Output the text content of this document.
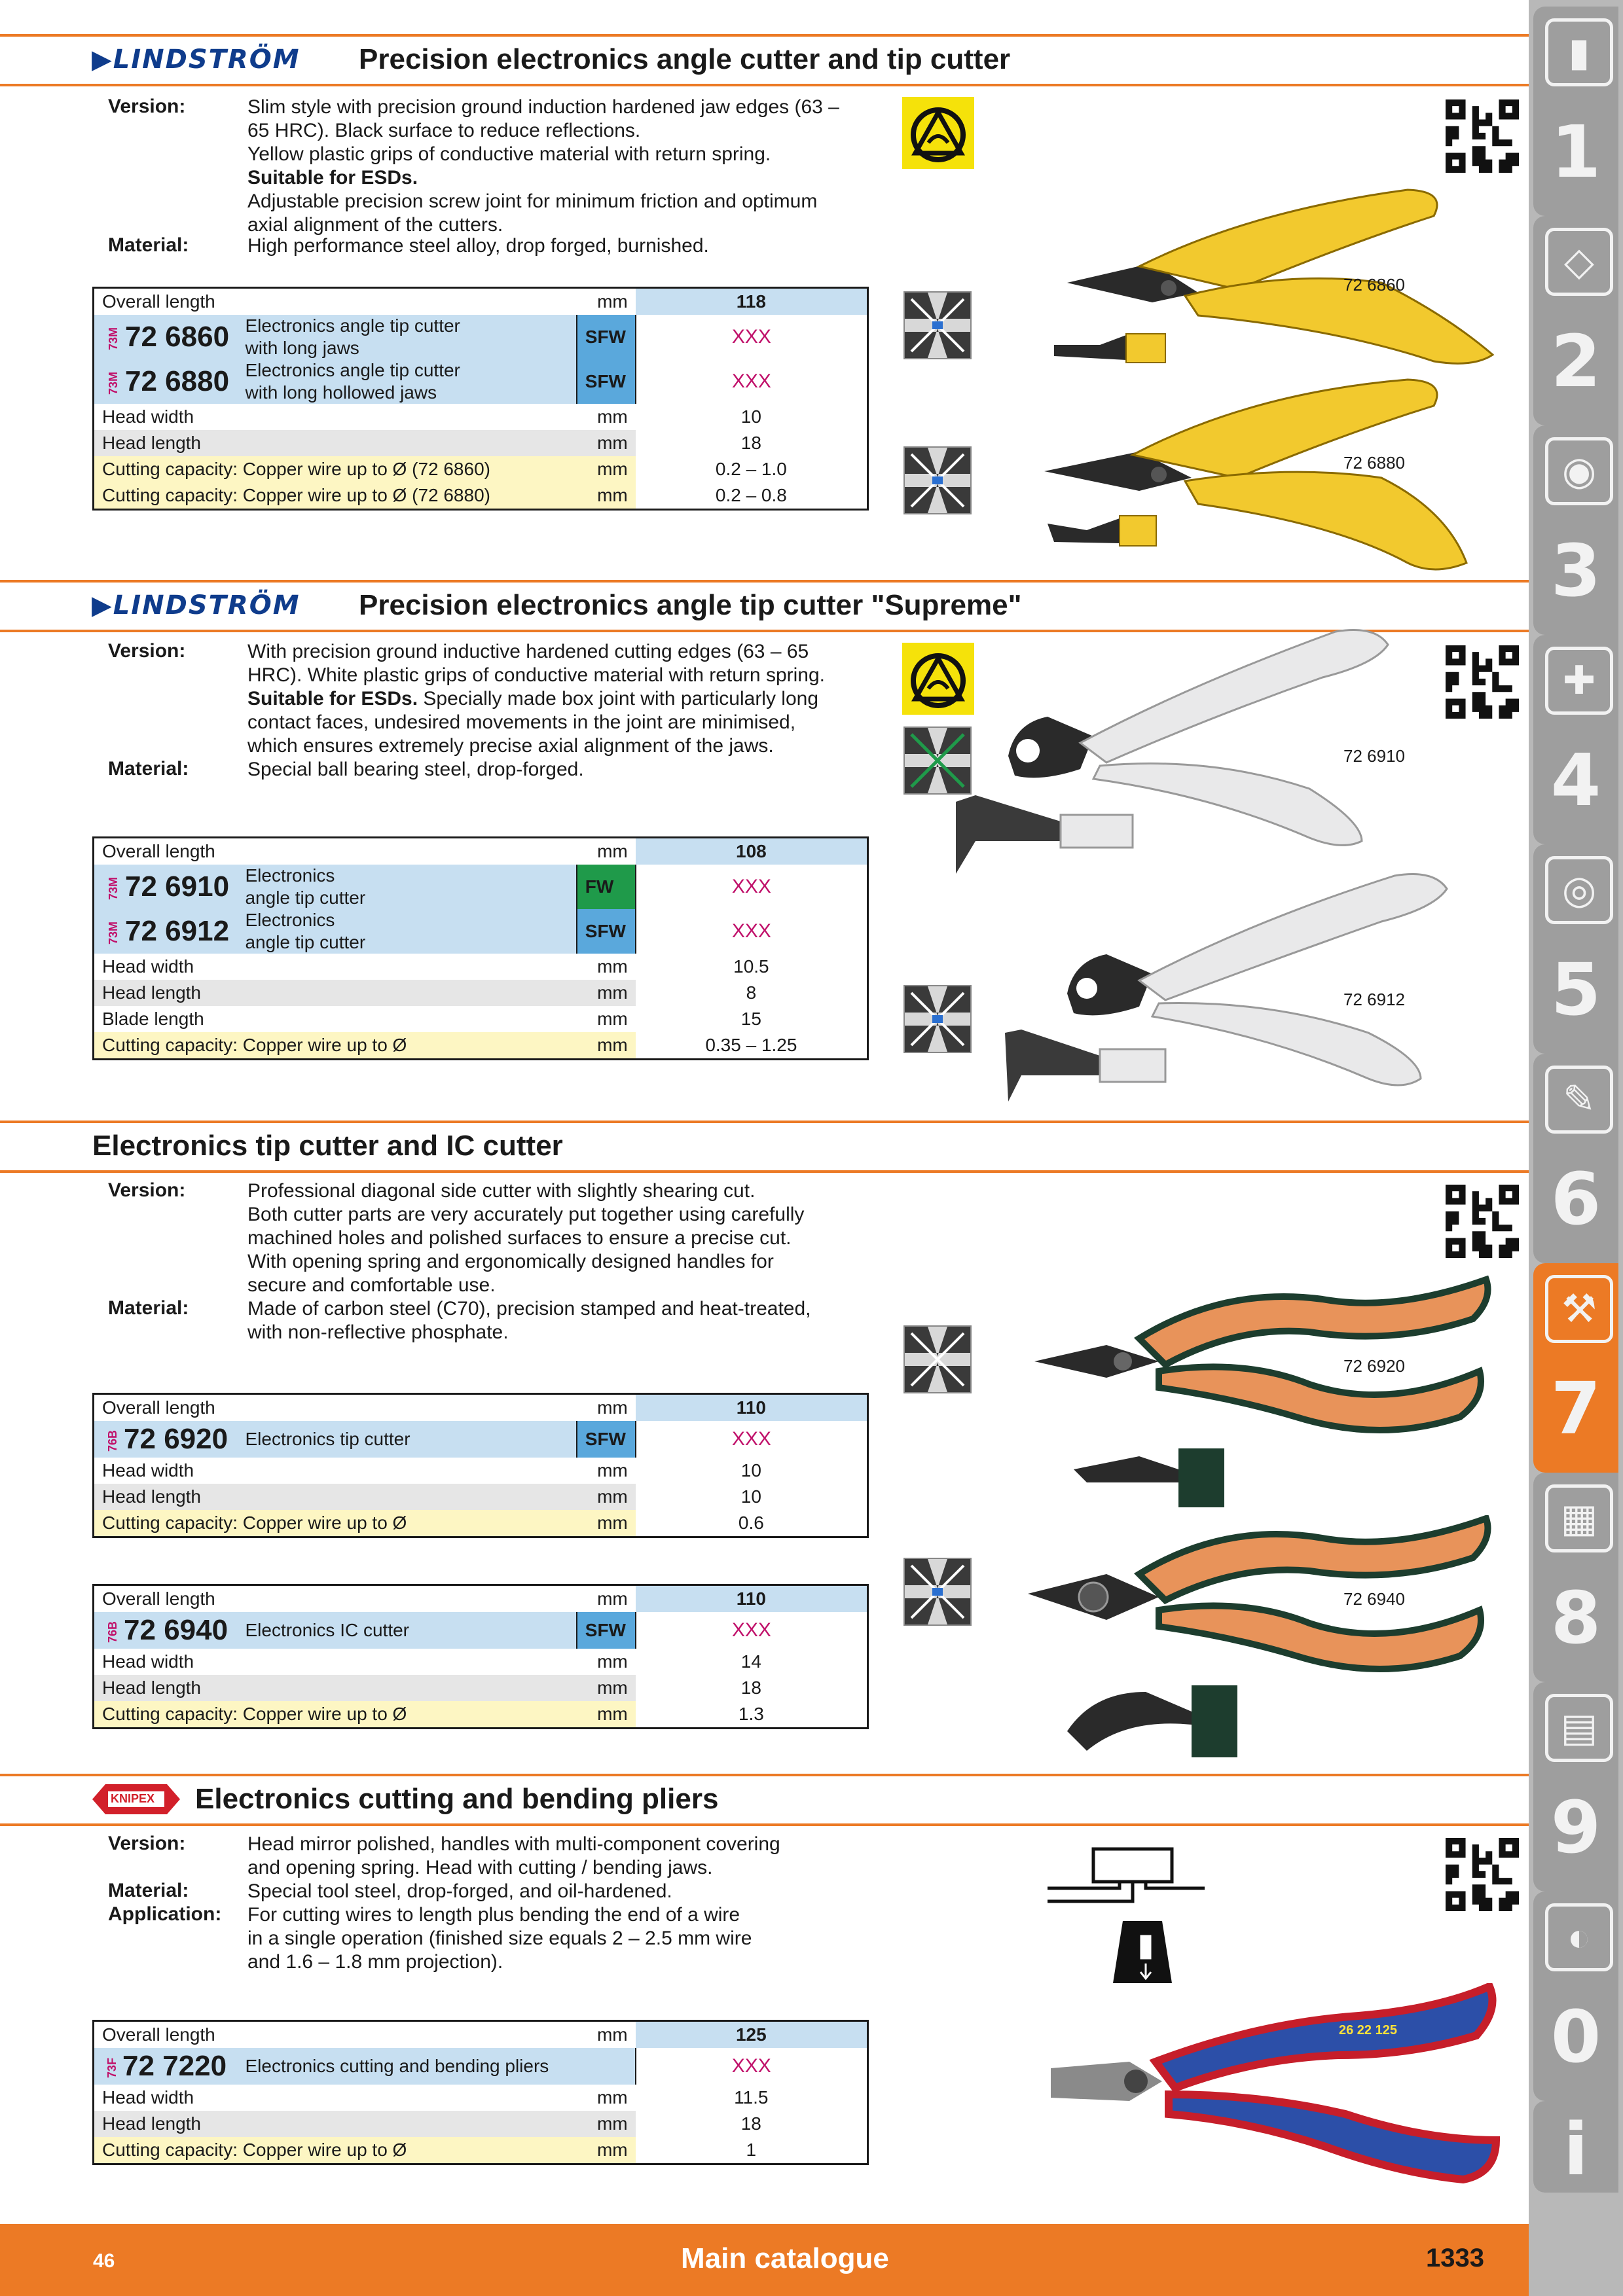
▮
1
◇
2
◉
3
✚
4
◎
5
✎
6
⚒
7
▦
8
▤
9
◐
0
i
▶LINDSTRÖM Precision electronics angle cutter and tip cutter
Version:	Slim style with precision ground induction hardened jaw edges (63 –

65 HRC). Black surface to reduce reflections.

Yellow plastic grips of conductive material with return spring.

Suitable for ESDs.

Adjustable precision screw joint for minimum friction and optimum

axial alignment of the cutters.

Material:	High performance steel alloy, drop forged, burnished.
Overall length		mm	118
73M 72 6860	Electronics angle tip cutter
with long jaws	SFW	XXX
73M 72 6880	Electronics angle tip cutter
with long hollowed jaws	SFW	XXX
Head width		mm	10
Head length		mm	18
Cutting capacity: Copper wire up to Ø (72 6860)		mm	0.2 – 1.0
Cutting capacity: Copper wire up to Ø (72 6880)		mm	0.2 – 0.8
72 6860
72 6880
▶LINDSTRÖM Precision electronics angle tip cutter "Supreme"
Version:	With precision ground inductive hardened cutting edges (63 – 65

HRC). White plastic grips of conductive material with return spring.

Suitable for ESDs. Specially made box joint with particularly long

contact faces, undesired movements in the joint are minimised,

which ensures extremely precise axial alignment of the jaws.

Material:	Special ball bearing steel, drop-forged.
Overall length		mm	108
73M 72 6910	Electronics
angle tip cutter	FW	XXX
73M 72 6912	Electronics
angle tip cutter	SFW	XXX
Head width		mm	10.5
Head length		mm	8
Blade length		mm	15
Cutting capacity: Copper wire up to Ø		mm	0.35 – 1.25
72 6910
72 6912
Electronics tip cutter and IC cutter
Version:	Professional diagonal side cutter with slightly shearing cut.

Both cutter parts are very accurately put together using carefully

machined holes and polished surfaces to ensure a precise cut.

With opening spring and ergonomically designed handles for

secure and comfortable use.

Material:	Made of carbon steel (C70), precision stamped and heat-treated,

with non-reflective phosphate.

Overall length		mm	110
76B 72 6920	Electronics tip cutter	SFW	XXX
Head width		mm	10
Head length		mm	10
Cutting capacity: Copper wire up to Ø		mm	0.6
Overall length		mm	110
76B 72 6940	Electronics IC cutter	SFW	XXX
Head width		mm	14
Head length		mm	18
Cutting capacity: Copper wire up to Ø		mm	1.3
72 6920
72 6940
KNIPEX Electronics cutting and bending pliers
Version:	Head mirror polished, handles with multi-component covering

and opening spring. Head with cutting / bending jaws.

Material:	Special tool steel, drop-forged, and oil-hardened.
Application: For cutting wires to length plus bending the end of a wire

in a single operation (finished size equals 2 – 2.5 mm wire

and 1.6 – 1.8 mm projection).

Overall length		mm	125
73F 72 7220	Electronics cutting and bending pliers		XXX
Head width		mm	11.5
Head length		mm	18
Cutting capacity: Copper wire up to Ø		mm	1
26 22 125
46	Main catalogue	1333
